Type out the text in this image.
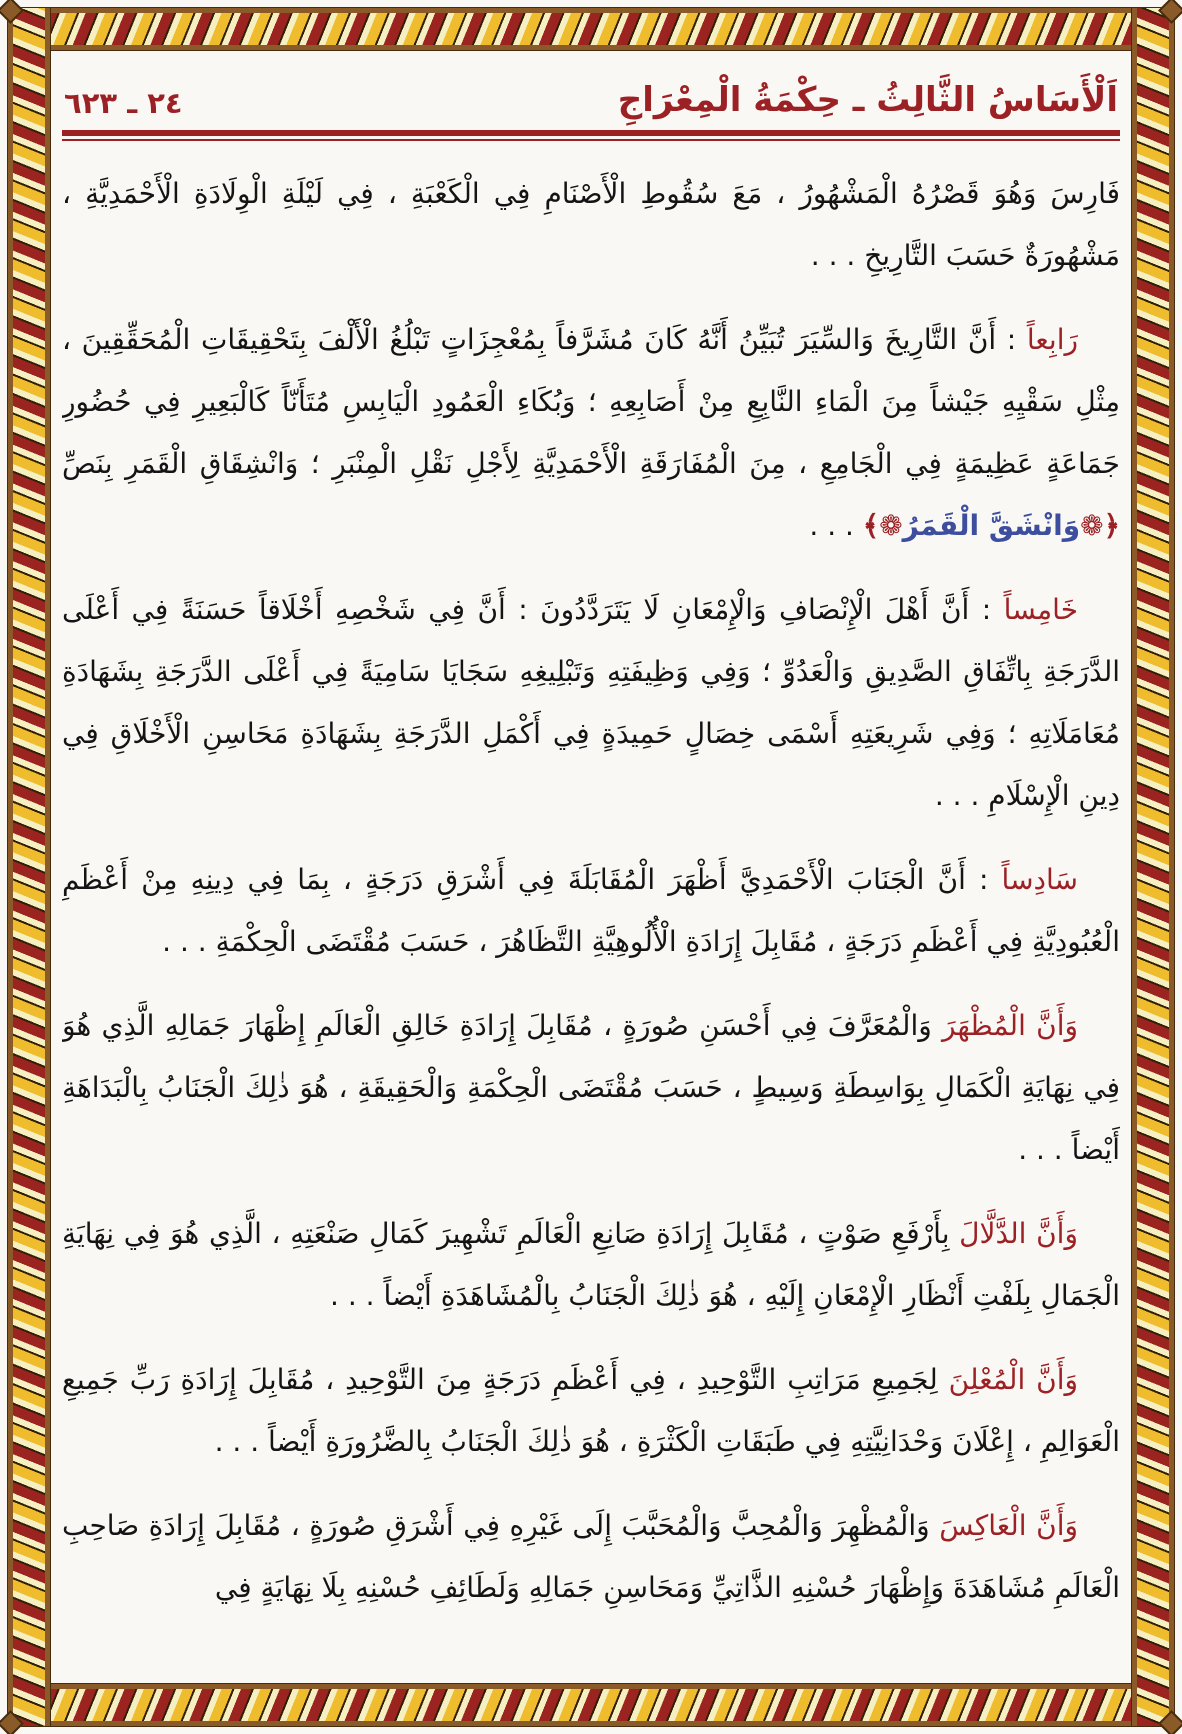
اَلْأَسَاسُ الثَّالِثُ ـ حِكْمَةُ الْمِعْرَاجِ
٢٤ ـ ٦٢٣

فَارِسَ وَهُوَ قَصْرُهُ الْمَشْهُورُ ، مَعَ سُقُوطِ الْأَصْنَامِ فِي الْكَعْبَةِ ، فِي لَيْلَةِ الْوِلَادَةِ الْأَحْمَدِيَّةِ ، مَشْهُورَةٌ حَسَبَ التَّارِيخِ . . .

رَابِعاً : أَنَّ التَّارِيخَ وَالسِّيَرَ تُبَيِّنُ أَنَّهُ كَانَ مُشَرَّفاً بِمُعْجِزَاتٍ تَبْلُغُ الْأَلْفَ بِتَحْقِيقَاتِ الْمُحَقِّقِينَ ، مِثْلِ سَقْيِهِ جَيْشاً مِنَ الْمَاءِ النَّابِعِ مِنْ أَصَابِعِهِ ؛ وَبُكَاءِ الْعَمُودِ الْيَابِسِ مُتَأَنّاً كَالْبَعِيرِ فِي حُضُورِ جَمَاعَةٍ عَظِيمَةٍ فِي الْجَامِعِ ، مِنَ الْمُفَارَقَةِ الْأَحْمَدِيَّةِ لِأَجْلِ نَقْلِ الْمِنْبَرِ ؛ وَانْشِقَاقِ الْقَمَرِ بِنَصِّ ﴿❁وَانْشَقَّ الْقَمَرُ❁﴾ . . .

خَامِساً : أَنَّ أَهْلَ الْإِنْصَافِ وَالْإِمْعَانِ لَا يَتَرَدَّدُونَ : أَنَّ فِي شَخْصِهِ أَخْلَاقاً حَسَنَةً فِي أَعْلَى الدَّرَجَةِ بِاتِّفَاقِ الصَّدِيقِ وَالْعَدُوِّ ؛ وَفِي وَظِيفَتِهِ وَتَبْلِيغِهِ سَجَايَا سَامِيَةً فِي أَعْلَى الدَّرَجَةِ بِشَهَادَةِ مُعَامَلَاتِهِ ؛ وَفِي شَرِيعَتِهِ أَسْمَى خِصَالٍ حَمِيدَةٍ فِي أَكْمَلِ الدَّرَجَةِ بِشَهَادَةِ مَحَاسِنِ الْأَخْلَاقِ فِي دِينِ الْإِسْلَامِ . . .

سَادِساً : أَنَّ الْجَنَابَ الْأَحْمَدِيَّ أَظْهَرَ الْمُقَابَلَةَ فِي أَشْرَقِ دَرَجَةٍ ، بِمَا فِي دِينِهِ مِنْ أَعْظَمِ الْعُبُودِيَّةِ فِي أَعْظَمِ دَرَجَةٍ ، مُقَابِلَ إِرَادَةِ الْأُلُوهِيَّةِ التَّظَاهُرَ ، حَسَبَ مُقْتَضَى الْحِكْمَةِ . . .

وَأَنَّ الْمُظْهَرَ وَالْمُعَرَّفَ فِي أَحْسَنِ صُورَةٍ ، مُقَابِلَ إِرَادَةِ خَالِقِ الْعَالَمِ إِظْهَارَ جَمَالِهِ الَّذِي هُوَ فِي نِهَايَةِ الْكَمَالِ بِوَاسِطَةِ وَسِيطٍ ، حَسَبَ مُقْتَضَى الْحِكْمَةِ وَالْحَقِيقَةِ ، هُوَ ذٰلِكَ الْجَنَابُ بِالْبَدَاهَةِ أَيْضاً . . .

وَأَنَّ الدَّلَّالَ بِأَرْفَعِ صَوْتٍ ، مُقَابِلَ إِرَادَةِ صَانِعِ الْعَالَمِ تَشْهِيرَ كَمَالِ صَنْعَتِهِ ، الَّذِي هُوَ فِي نِهَايَةِ الْجَمَالِ بِلَفْتِ أَنْظَارِ الْإِمْعَانِ إِلَيْهِ ، هُوَ ذٰلِكَ الْجَنَابُ بِالْمُشَاهَدَةِ أَيْضاً . . .

وَأَنَّ الْمُعْلِنَ لِجَمِيعِ مَرَاتِبِ التَّوْحِيدِ ، فِي أَعْظَمِ دَرَجَةٍ مِنَ التَّوْحِيدِ ، مُقَابِلَ إِرَادَةِ رَبِّ جَمِيعِ الْعَوَالِمِ ، إِعْلَانَ وَحْدَانِيَّتِهِ فِي طَبَقَاتِ الْكَثْرَةِ ، هُوَ ذٰلِكَ الْجَنَابُ بِالضَّرُورَةِ أَيْضاً . . .

وَأَنَّ الْعَاكِسَ وَالْمُظْهِرَ وَالْمُحِبَّ وَالْمُحَبَّبَ إِلَى غَيْرِهِ فِي أَشْرَقِ صُورَةٍ ، مُقَابِلَ إِرَادَةِ صَاحِبِ الْعَالَمِ مُشَاهَدَةَ وَإِظْهَارَ حُسْنِهِ الذَّاتِيِّ وَمَحَاسِنِ جَمَالِهِ وَلَطَائِفِ حُسْنِهِ بِلَا نِهَايَةٍ فِي
